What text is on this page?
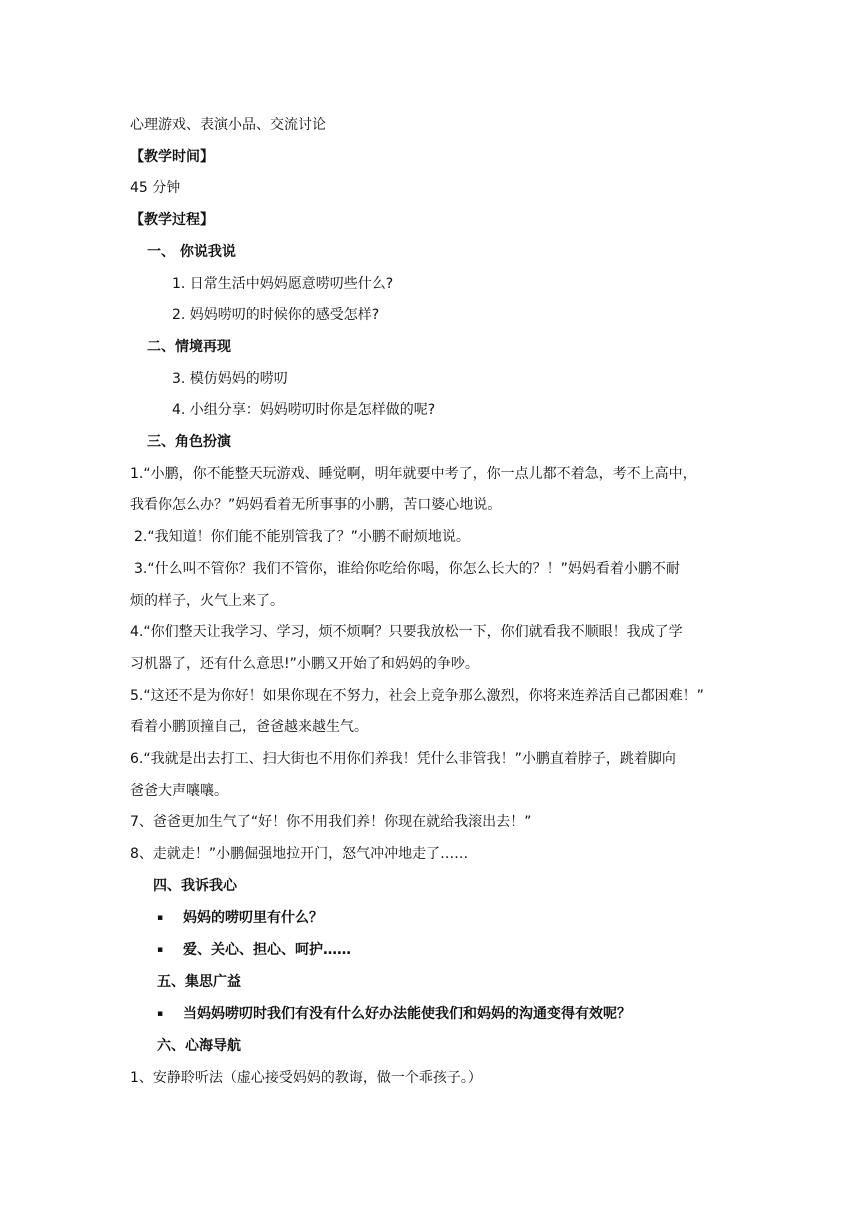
心理游戏、表演小品、交流讨论
【教学时间】
45 分钟
【教学过程】
一、 你说我说
1. 日常生活中妈妈愿意唠叨些什么?
2. 妈妈唠叨的时候你的感受怎样?
二、情境再现
3. 模仿妈妈的唠叨
4. 小组分享：妈妈唠叨时你是怎样做的呢?
三、角色扮演
1.“小鹏，你不能整天玩游戏、睡觉啊，明年就要中考了，你一点儿都不着急，考不上高中，
我看你怎么办？”妈妈看着无所事事的小鹏，苦口婆心地说。
2.“我知道！你们能不能别管我了？”小鹏不耐烦地说。
3.“什么叫不管你？我们不管你，谁给你吃给你喝，你怎么长大的？！”妈妈看着小鹏不耐
烦的样子，火气上来了。
4.“你们整天让我学习、学习，烦不烦啊？只要我放松一下，你们就看我不顺眼！我成了学
习机器了，还有什么意思!”小鹏又开始了和妈妈的争吵。
5.“这还不是为你好！如果你现在不努力，社会上竞争那么激烈，你将来连养活自己都困难！”
看着小鹏顶撞自己，爸爸越来越生气。
6.“我就是出去打工、扫大街也不用你们养我！凭什么非管我！”小鹏直着脖子，跳着脚向
爸爸大声嚷嚷。
7、爸爸更加生气了“好！你不用我们养！你现在就给我滚出去！”
8、走就走！”小鹏倔强地拉开门，怒气冲冲地走了……
四、我诉我心
▪ 妈妈的唠叨里有什么？
▪ 爱、关心、担心、呵护……
五、集思广益
▪ 当妈妈唠叨时我们有没有什么好办法能使我们和妈妈的沟通变得有效呢？
六、心海导航
1、安静聆听法（虚心接受妈妈的教诲，做一个乖孩子。）
